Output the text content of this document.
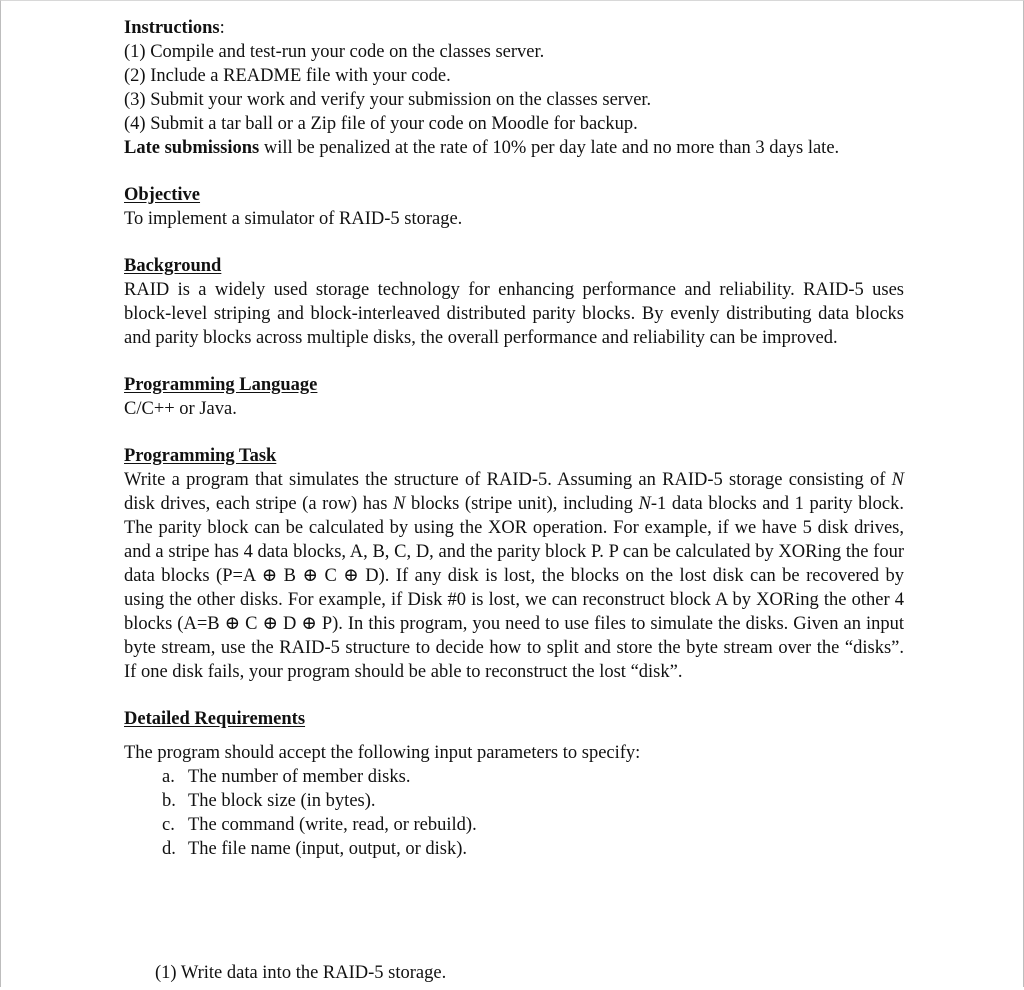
Instructions:
(1) Compile and test-run your code on the classes server.
(2) Include a README file with your code.
(3) Submit your work and verify your submission on the classes server.
(4) Submit a tar ball or a Zip file of your code on Moodle for backup.
Late submissions will be penalized at the rate of 10% per day late and no more than 3 days late.
Objective
To implement a simulator of RAID-5 storage.
Background
RAID is a widely used storage technology for enhancing performance and reliability. RAID-5 uses block-level striping and block-interleaved distributed parity blocks. By evenly distributing data blocks and parity blocks across multiple disks, the overall performance and reliability can be improved.
Programming Language
C/C++ or Java.
Programming Task
Write a program that simulates the structure of RAID-5. Assuming an RAID-5 storage consisting of N disk drives, each stripe (a row) has N blocks (stripe unit), including N-1 data blocks and 1 parity block. The parity block can be calculated by using the XOR operation. For example, if we have 5 disk drives, and a stripe has 4 data blocks, A, B, C, D, and the parity block P. P can be calculated by XORing the four data blocks (P=A ⊕ B ⊕ C ⊕ D). If any disk is lost, the blocks on the lost disk can be recovered by using the other disks. For example, if Disk #0 is lost, we can reconstruct block A by XORing the other 4 blocks (A=B ⊕ C ⊕ D ⊕ P). In this program, you need to use files to simulate the disks. Given an input byte stream, use the RAID-5 structure to decide how to split and store the byte stream over the “disks”. If one disk fails, your program should be able to reconstruct the lost “disk”.
Detailed Requirements
The program should accept the following input parameters to specify:
a. The number of member disks.
b. The block size (in bytes).
c. The command (write, read, or rebuild).
d. The file name (input, output, or disk).
(1) Write data into the RAID-5 storage.
